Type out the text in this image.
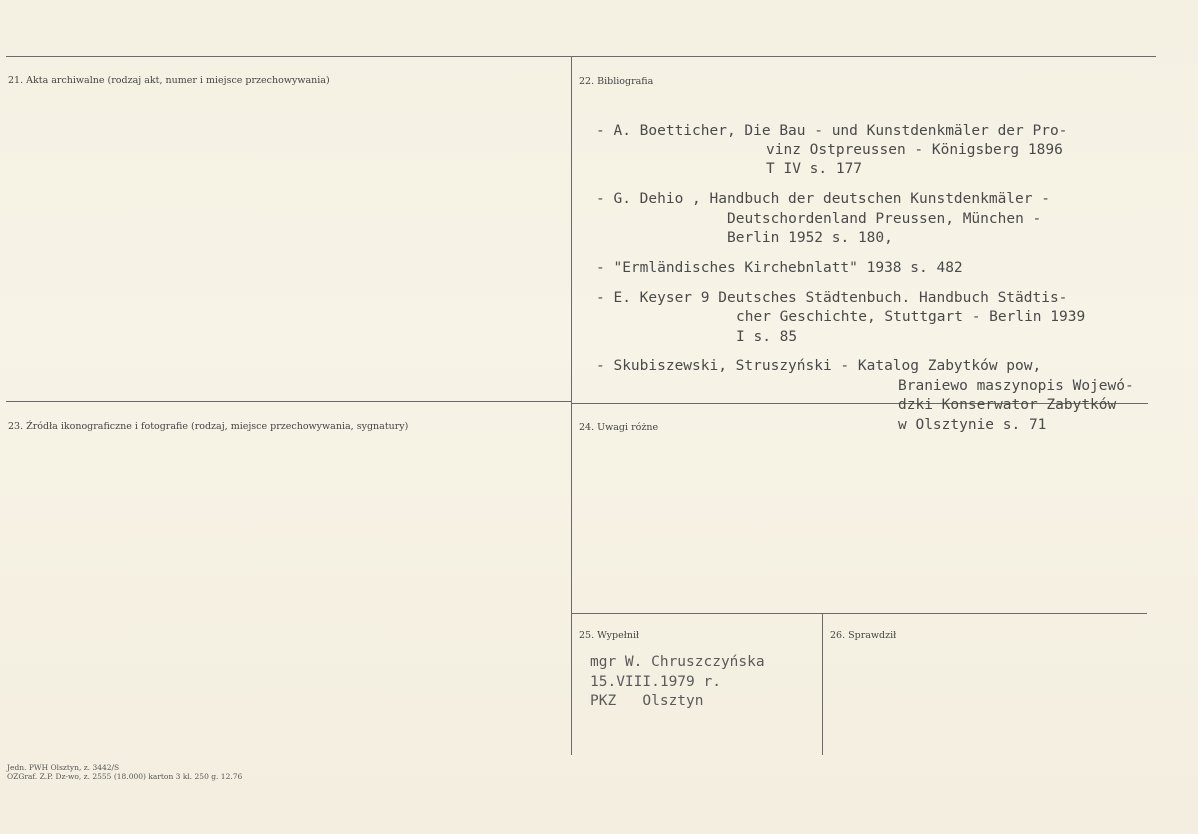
21. Akta archiwalne (rodzaj akt, numer i miejsce przechowywania)	22. Bibliografia
23. Źródła ikonograficzne i fotografie (rodzaj, miejsce przechowywania, sygnatury)	24. Uwagi różne
25. Wypełnił	26. Sprawdził
- A. Boetticher, Die Bau - und Kunstdenkmäler der Pro-
vinz Ostpreussen - Königsberg 1896
T IV s. 177
- G. Dehio , Handbuch der deutschen Kunstdenkmäler -
Deutschordenland Preussen, München -
Berlin 1952 s. 180,
- "Ermländisches Kirchebnlatt" 1938 s. 482
- E. Keyser 9 Deutsches Städtenbuch. Handbuch Städtis-
cher Geschichte, Stuttgart - Berlin 1939
I s. 85
- Skubiszewski, Struszyński - Katalog Zabytków pow,
Braniewo maszynopis Wojewó-
dzki Konserwator Zabytków
w Olsztynie s. 71
mgr W. Chruszczyńska
15.VIII.1979 r.
PKZ   Olsztyn
Jedn. PWH Olsztyn, z. 3442/S
OZGraf. Z.P. Dz-wo, z. 2555 (18.000) karton 3 kl. 250 g. 12.76
